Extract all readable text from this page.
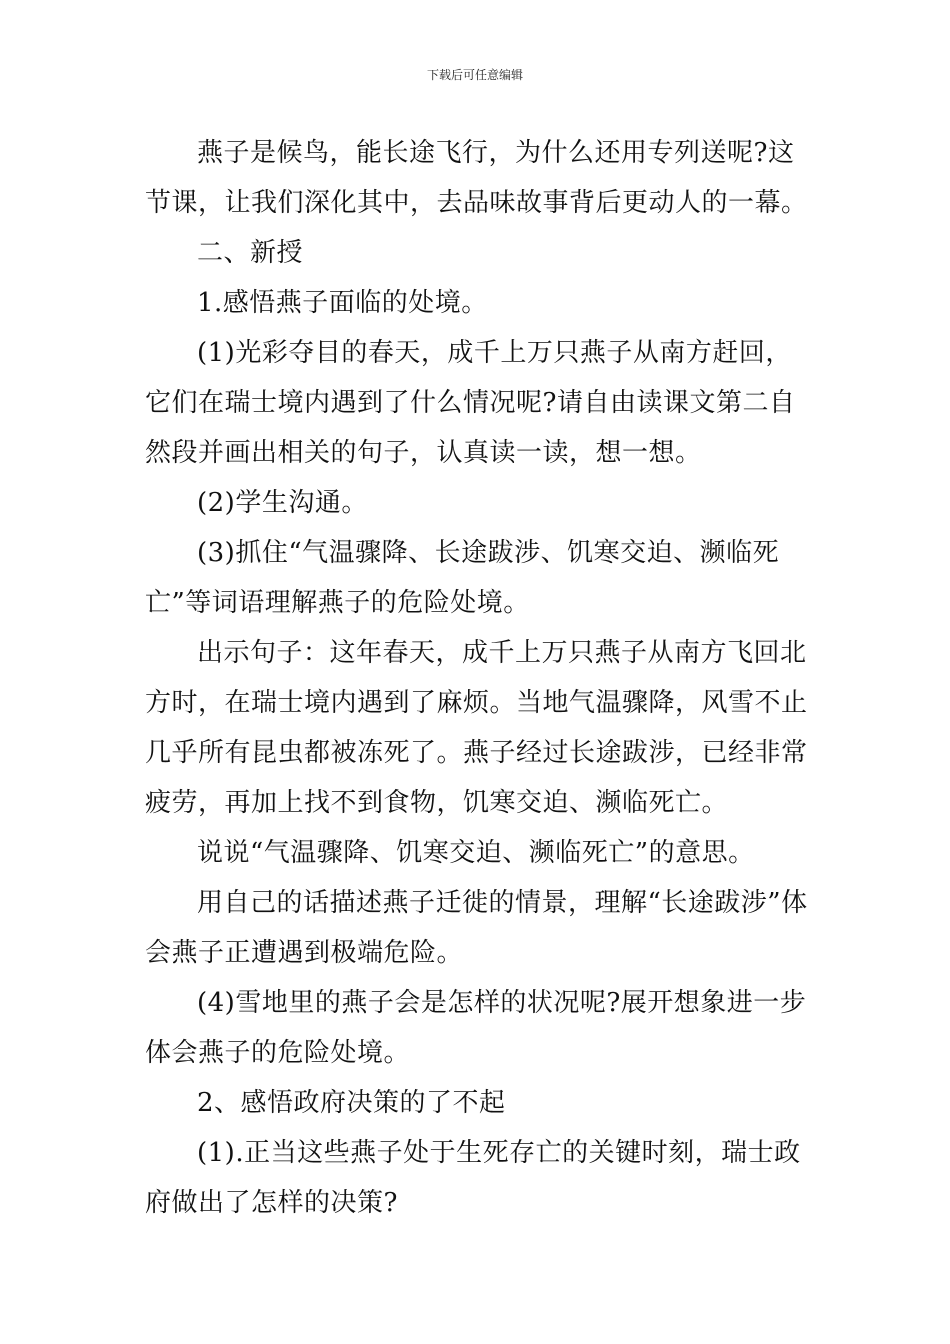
下载后可任意编辑

燕子是候鸟，能长途飞行，为什么还用专列送呢?这节课，让我们深化其中，去品味故事背后更动人的一幕。

二、新授

1.感悟燕子面临的处境。

(1)光彩夺目的春天，成千上万只燕子从南方赶回，它们在瑞士境内遇到了什么情况呢?请自由读课文第二自然段并画出相关的句子，认真读一读，想一想。

(2)学生沟通。

(3)抓住“气温骤降、长途跋涉、饥寒交迫、濒临死亡”等词语理解燕子的危险处境。

出示句子：这年春天，成千上万只燕子从南方飞回北方时，在瑞士境内遇到了麻烦。当地气温骤降，风雪不止几乎所有昆虫都被冻死了。燕子经过长途跋涉，已经非常疲劳，再加上找不到食物，饥寒交迫、濒临死亡。

说说“气温骤降、饥寒交迫、濒临死亡”的意思。

用自己的话描述燕子迁徙的情景，理解“长途跋涉”体会燕子正遭遇到极端危险。

(4)雪地里的燕子会是怎样的状况呢?展开想象进一步体会燕子的危险处境。

2、感悟政府决策的了不起

(1).正当这些燕子处于生死存亡的关键时刻，瑞士政府做出了怎样的决策?
